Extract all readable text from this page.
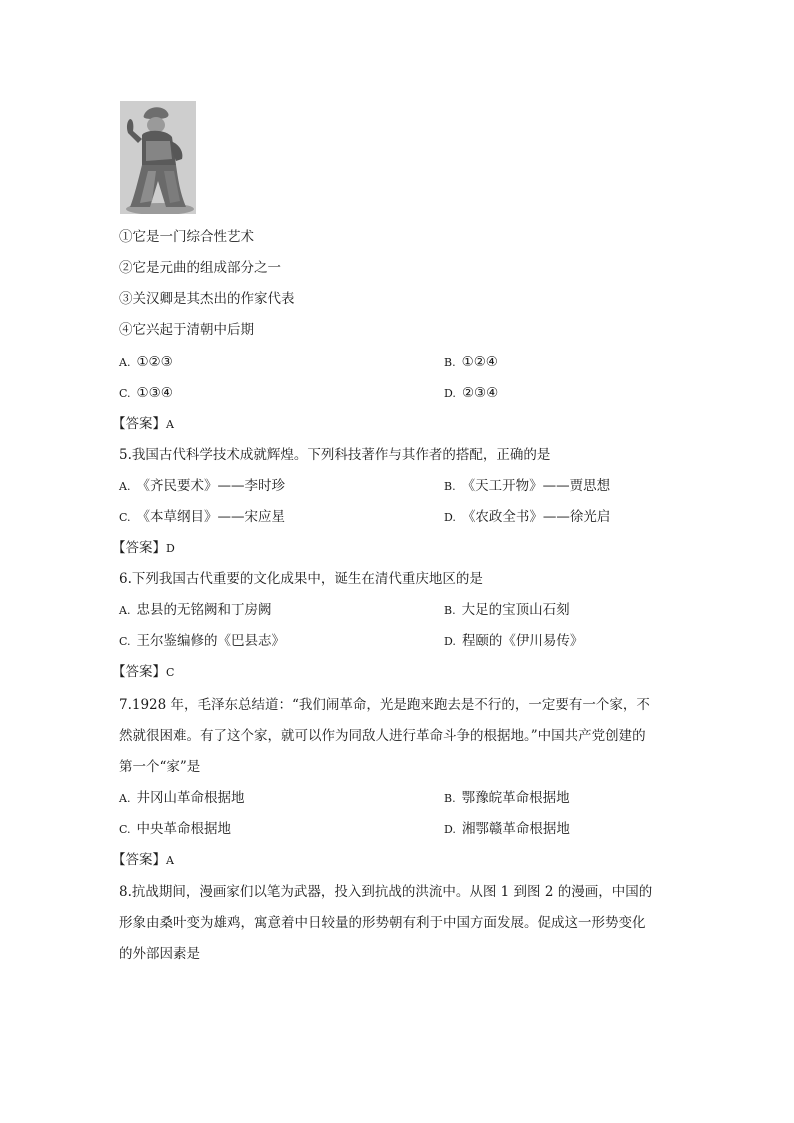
①它是一门综合性艺术
②它是元曲的组成部分之一
③关汉卿是其杰出的作家代表
④它兴起于清朝中后期
A. ①②③	B. ①②④
C. ①③④	D. ②③④
【答案】A
5.我国古代科学技术成就辉煌。下列科技著作与其作者的搭配，正确的是
A. 《齐民要术》——李时珍	B. 《天工开物》——贾思想
C. 《本草纲目》——宋应星	D. 《农政全书》——徐光启
【答案】D
6.下列我国古代重要的文化成果中，诞生在清代重庆地区的是
A. 忠县的无铭阙和丁房阙	B. 大足的宝顶山石刻
C. 王尔鉴编修的《巴县志》	D. 程颐的《伊川易传》
【答案】C
7.1928 年，毛泽东总结道：“我们闹革命，光是跑来跑去是不行的，一定要有一个家，不
然就很困难。有了这个家，就可以作为同敌人进行革命斗争的根据地。”中国共产党创建的
第一个“家”是
A. 井冈山革命根据地	B. 鄂豫皖革命根据地
C. 中央革命根据地	D. 湘鄂赣革命根据地
【答案】A
8.抗战期间，漫画家们以笔为武器，投入到抗战的洪流中。从图 1 到图 2 的漫画，中国的
形象由桑叶变为雄鸡，寓意着中日较量的形势朝有利于中国方面发展。促成这一形势变化
的外部因素是
